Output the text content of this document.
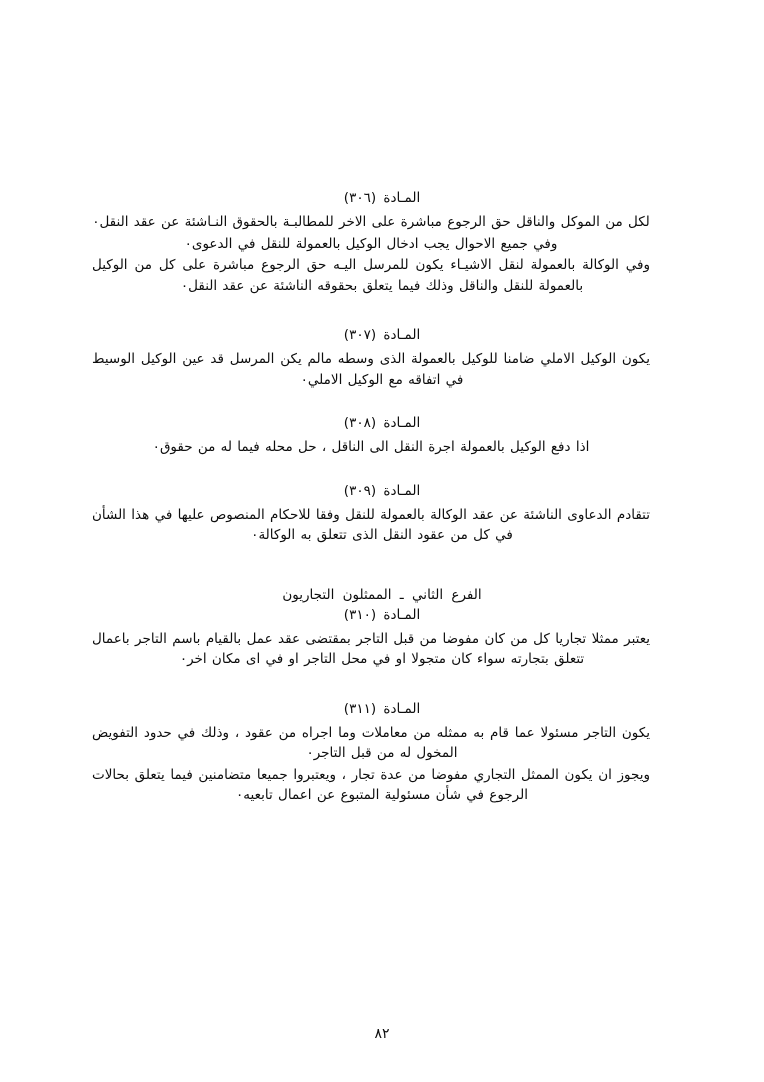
المـادة (٣٠٦)

لكل من الموكل والناقل حق الرجوع مباشرة على الاخر للمطالبـة بالحقوق النـاشئة عن عقد النقل٠

وفي جميع الاحوال يجب ادخال الوكيل بالعمولة للنقل في الدعوى٠

وفي الوكالة بالعمولة لنقل الاشيـاء يكون للمرسل اليـه حق الرجوع مباشرة على كل من الوكيل بالعمولة للنقل والناقل وذلك فيما يتعلق بحقوقه الناشئة عن عقد النقل٠

المـادة (٣٠٧)

يكون الوكيل الاملي ضامنا للوكيل بالعمولة الذى وسطه مالم يكن المرسل قد عين الوكيل الوسيط في اتفاقه مع الوكيل الاملي٠

المـادة (٣٠٨)

اذا دفع الوكيل بالعمولة اجرة النقل الى الناقل ، حل محله فيما له من حقوق٠

المـادة (٣٠٩)

تتقادم الدعاوى الناشئة عن عقد الوكالة بالعمولة للنقل وفقا للاحكام المنصوص عليها في هذا الشأن في كل من عقود النقل الذى تتعلق به الوكالة٠

الفرع الثاني ـ الممثلون التجاريون
المـادة (٣١٠)

يعتبر ممثلا تجاريا كل من كان مفوضا من قبل التاجر بمقتضى عقد عمل بالقيام باسم التاجر باعمال تتعلق بتجارته سواء كان متجولا او في محل التاجر او في اى مكان اخر٠

المـادة (٣١١)

يكون التاجر مسئولا عما قام به ممثله من معاملات وما اجراه من عقود ، وذلك في حدود التفويض المخول له من قبل التاجر٠

ويجوز ان يكون الممثل التجاري مفوضا من عدة تجار ، ويعتبروا جميعا متضامنين فيما يتعلق بحالات الرجوع في شأن مسئولية المتبوع عن اعمال تابعيه٠

٨٢
